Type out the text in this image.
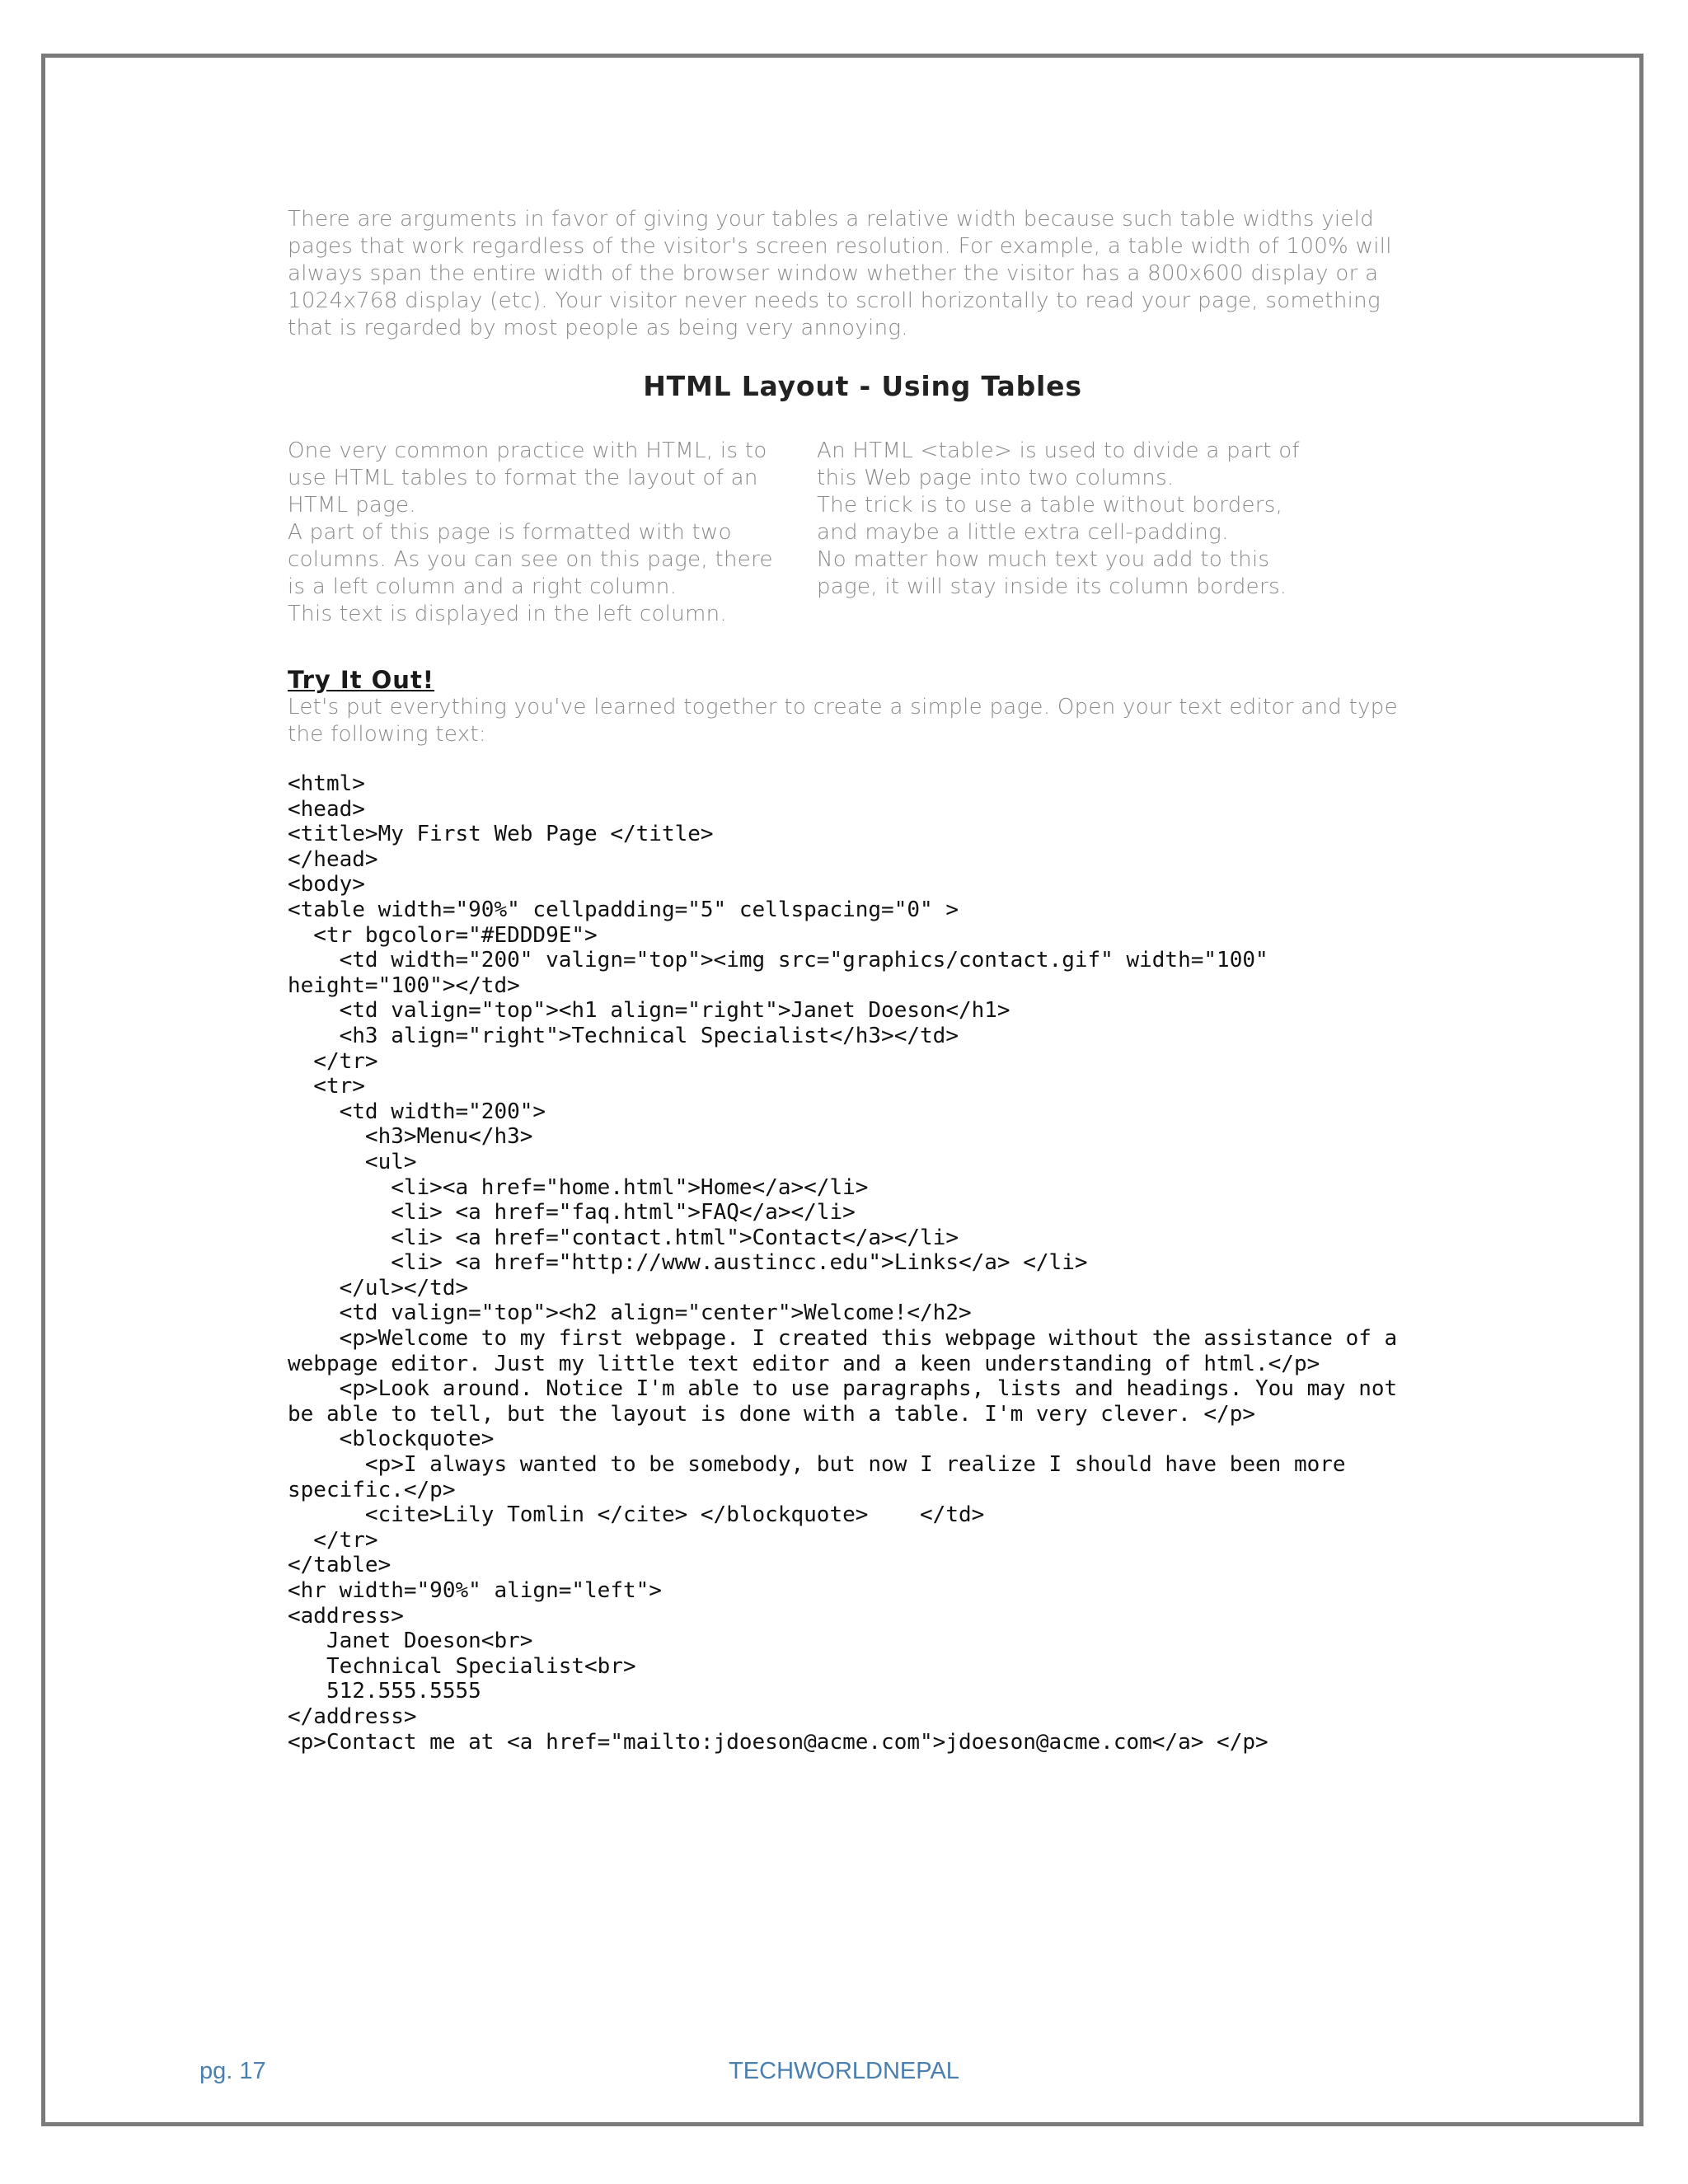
There are arguments in favor of giving your tables a relative width because such table widths yield
pages that work regardless of the visitor's screen resolution. For example, a table width of 100% will
always span the entire width of the browser window whether the visitor has a 800x600 display or a
1024x768 display (etc). Your visitor never needs to scroll horizontally to read your page, something
that is regarded by most people as being very annoying.

HTML Layout - Using Tables
One very common practice with HTML, is to
use HTML tables to format the layout of an
HTML page.
A part of this page is formatted with two
columns. As you can see on this page, there
is a left column and a right column.
This text is displayed in the left column.
An HTML <table> is used to divide a part of
this Web page into two columns.
The trick is to use a table without borders,
and maybe a little extra cell-padding.
No matter how much text you add to this
page, it will stay inside its column borders.
Try It Out!

Let's put everything you've learned together to create a simple page. Open your text editor and type
the following text:

<html>
<head>
<title>My First Web Page </title>
</head>
<body>
<table width="90%" cellpadding="5" cellspacing="0" >
<tr bgcolor="#EDDD9E">
<td width="200" valign="top"><img src="graphics/contact.gif" width="100"
height="100"></td>
<td valign="top"><h1 align="right">Janet Doeson</h1>
<h3 align="right">Technical Specialist</h3></td>
</tr>
<tr>
<td width="200">
<h3>Menu</h3>
<ul>
<li><a href="home.html">Home</a></li>
<li> <a href="faq.html">FAQ</a></li>
<li> <a href="contact.html">Contact</a></li>
<li> <a href="http://www.austincc.edu">Links</a> </li>
</ul></td>
<td valign="top"><h2 align="center">Welcome!</h2>
<p>Welcome to my first webpage. I created this webpage without the assistance of a
webpage editor. Just my little text editor and a keen understanding of html.</p>
<p>Look around. Notice I'm able to use paragraphs, lists and headings. You may not
be able to tell, but the layout is done with a table. I'm very clever. </p>
<blockquote>
<p>I always wanted to be somebody, but now I realize I should have been more
specific.</p>
<cite>Lily Tomlin </cite> </blockquote>    </td>
</tr>
</table>
<hr width="90%" align="left">
<address>
Janet Doeson<br>
Technical Specialist<br>
512.555.5555
</address>
<p>Contact me at <a href="mailto:jdoeson@acme.com">jdoeson@acme.com</a> </p>
pg. 17	TECHWORLDNEPAL
